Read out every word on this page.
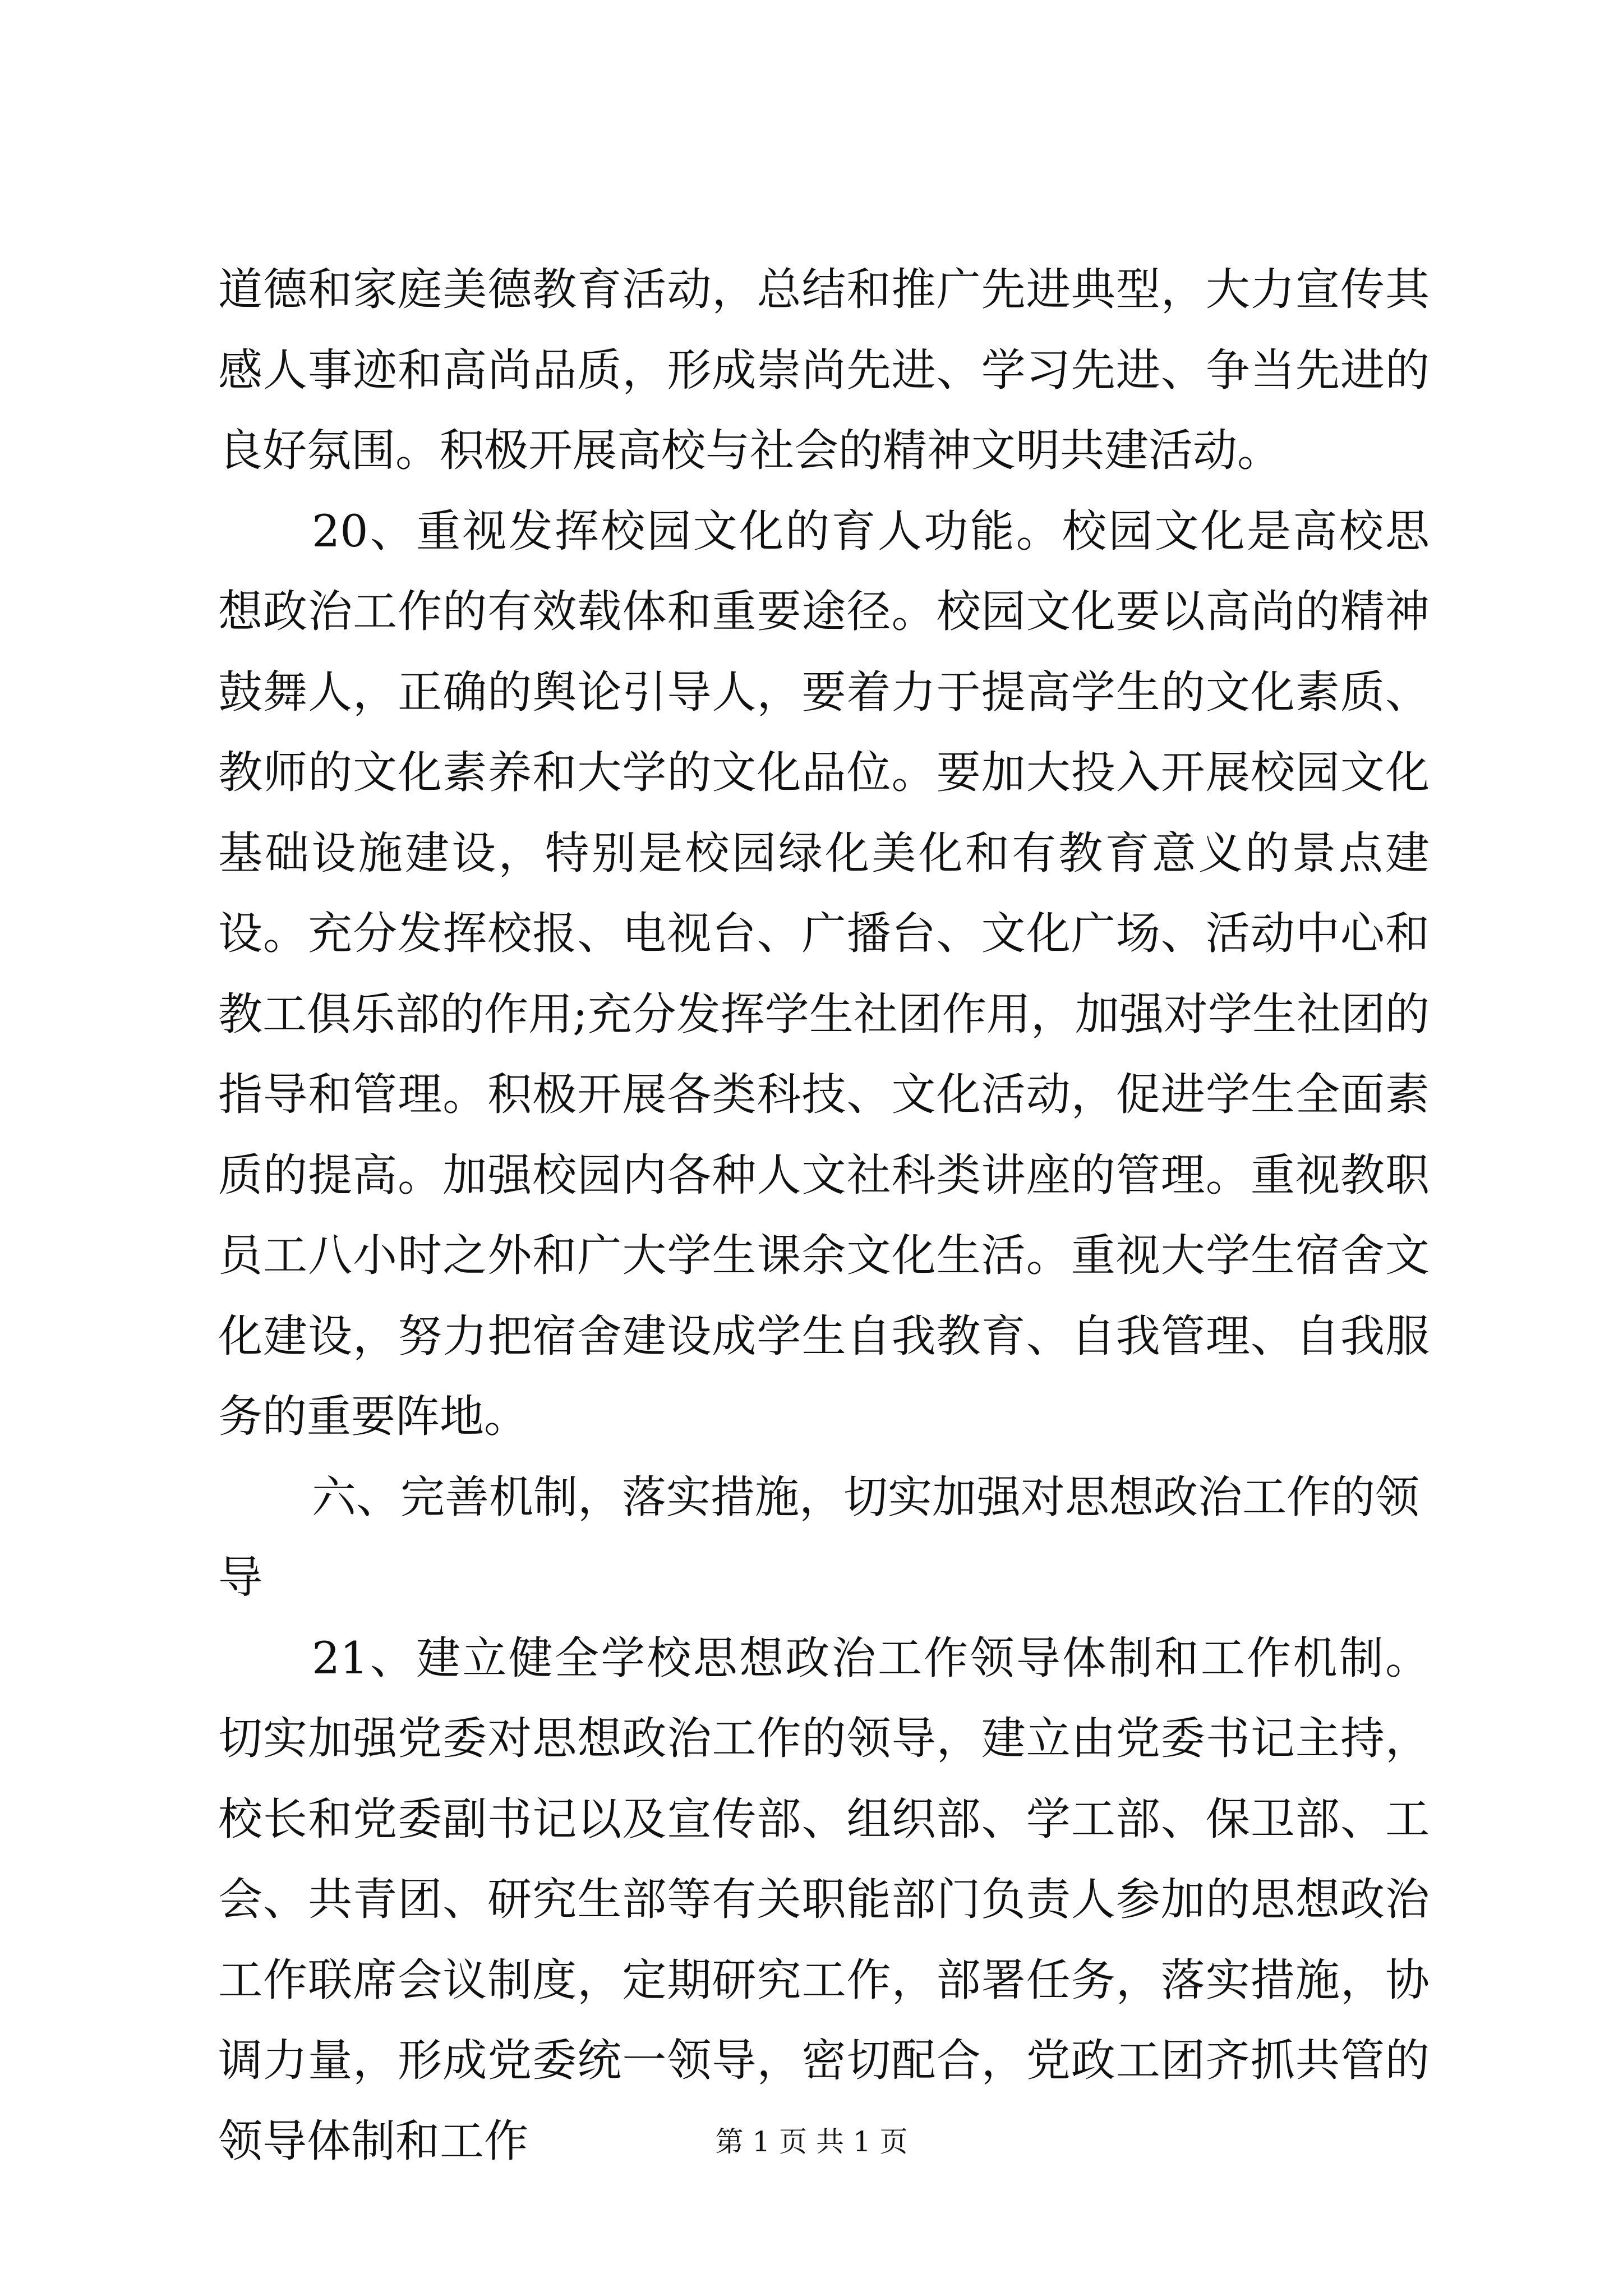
道德和家庭美德教育活动，总结和推广先进典型，大力宣传其感人事迹和高尚品质，形成崇尚先进、学习先进、争当先进的良好氛围。积极开展高校与社会的精神文明共建活动。

20、重视发挥校园文化的育人功能。校园文化是高校思想政治工作的有效载体和重要途径。校园文化要以高尚的精神鼓舞人，正确的舆论引导人，要着力于提高学生的文化素质、教师的文化素养和大学的文化品位。要加大投入开展校园文化基础设施建设，特别是校园绿化美化和有教育意义的景点建设。充分发挥校报、电视台、广播台、文化广场、活动中心和教工俱乐部的作用;充分发挥学生社团作用，加强对学生社团的指导和管理。积极开展各类科技、文化活动，促进学生全面素质的提高。加强校园内各种人文社科类讲座的管理。重视教职员工八小时之外和广大学生课余文化生活。重视大学生宿舍文化建设，努力把宿舍建设成学生自我教育、自我管理、自我服务的重要阵地。

六、完善机制，落实措施，切实加强对思想政治工作的领导

21、建立健全学校思想政治工作领导体制和工作机制。切实加强党委对思想政治工作的领导，建立由党委书记主持，校长和党委副书记以及宣传部、组织部、学工部、保卫部、工会、共青团、研究生部等有关职能部门负责人参加的思想政治工作联席会议制度，定期研究工作，部署任务，落实措施，协调力量，形成党委统一领导，密切配合，党政工团齐抓共管的领导体制和工作	第 1 页 共 1 页
